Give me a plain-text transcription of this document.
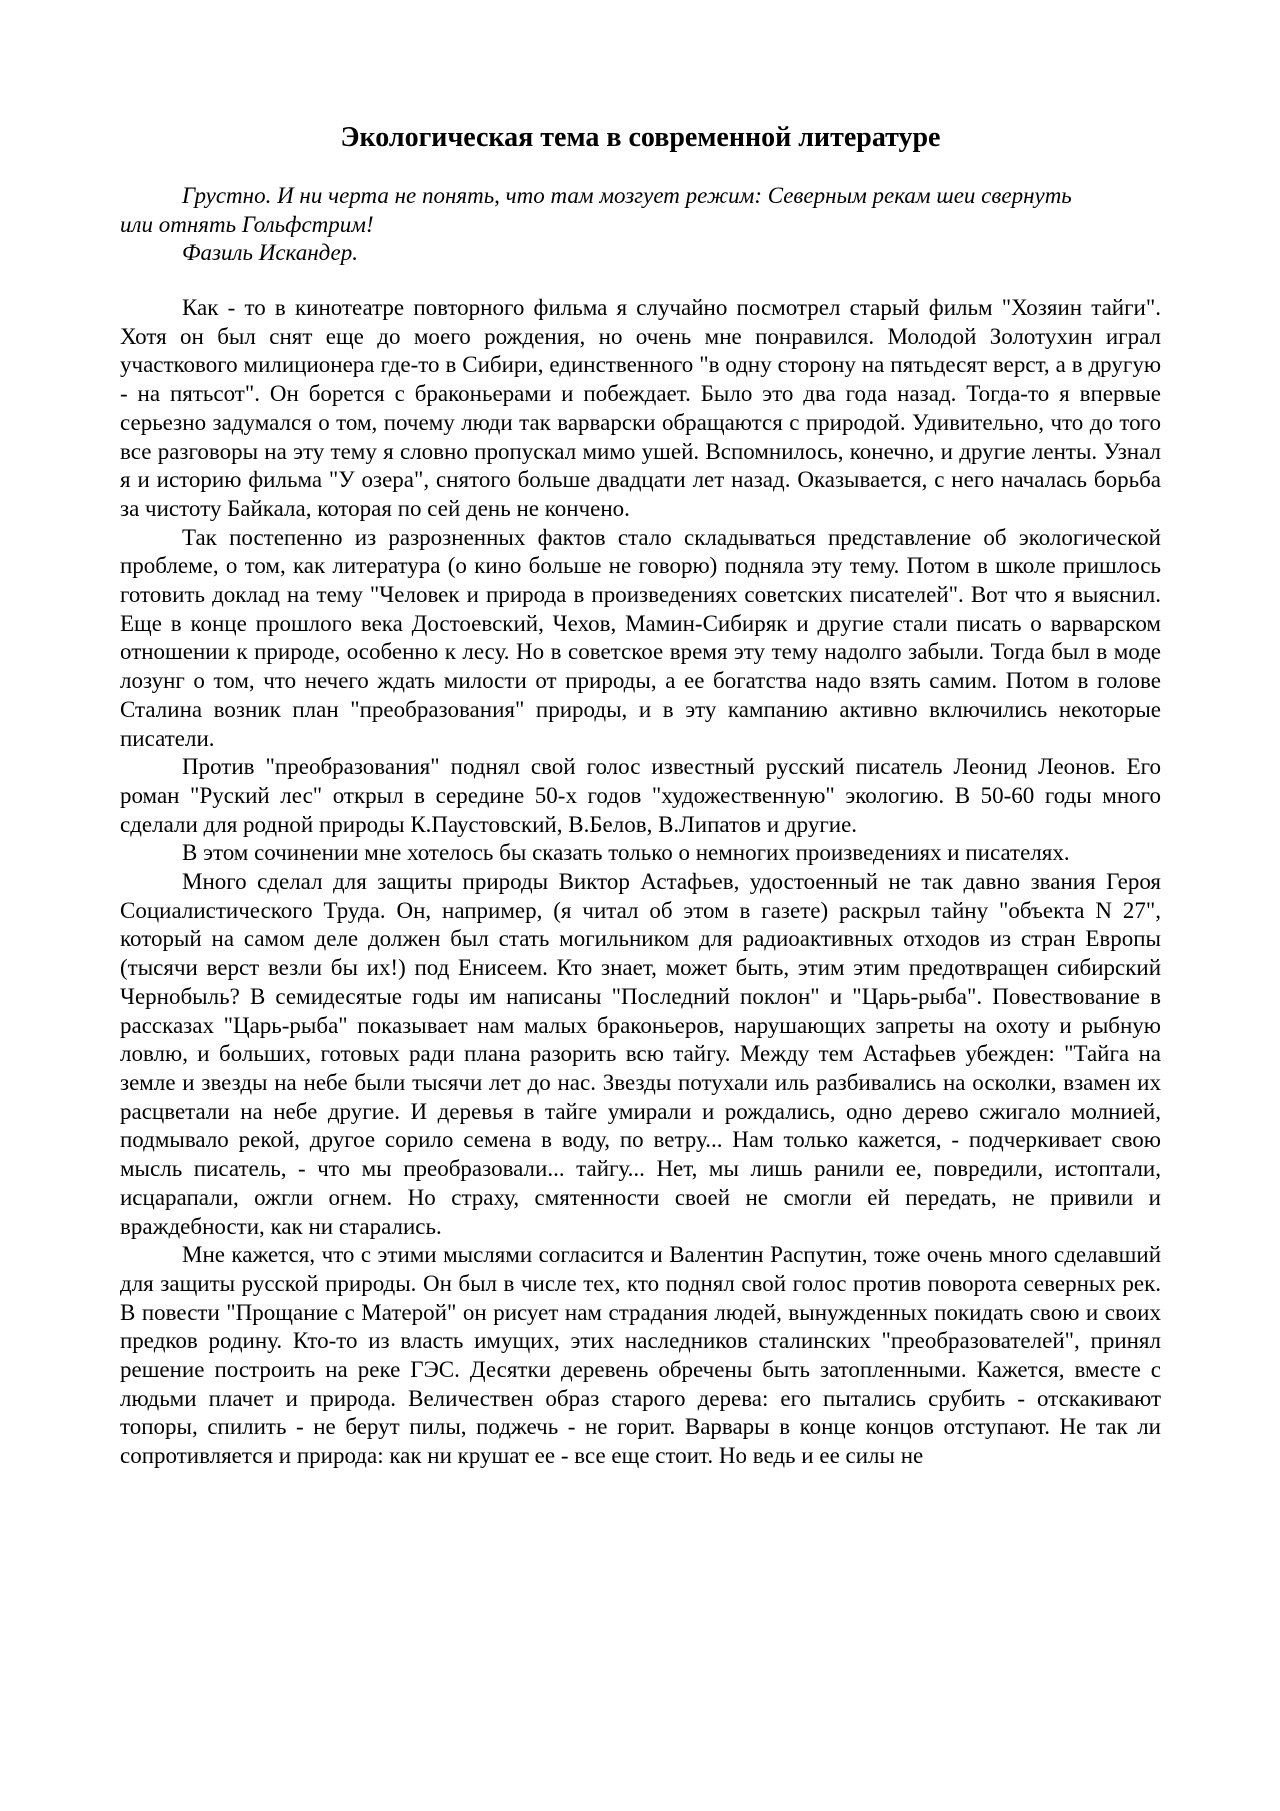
Экологическая тема в современной литературе

Грустно. И ни черта не понять, что там мозгует режим: Северным рекам шеи свернуть или отнять Гольфстрим!

Фазиль Искандер.

Как - то в кинотеатре повторного фильма я случайно посмотрел старый фильм "Хозяин тайги". Хотя он был снят еще до моего рождения, но очень мне понравился. Молодой Золотухин играл участкового милиционера где-то в Сибири, единственного "в одну сторону на пятьдесят верст, а в другую - на пятьсот". Он борется с браконьерами и побеждает. Было это два года назад. Тогда-то я впервые серьезно задумался о том, почему люди так варварски обращаются с природой. Удивительно, что до того все разговоры на эту тему я словно пропускал мимо ушей. Вспомнилось, конечно, и другие ленты. Узнал я и историю фильма "У озера", снятого больше двадцати лет назад. Оказывается, с него началась борьба за чистоту Байкала, которая по сей день не кончено.

Так постепенно из разрозненных фактов стало складываться представление об экологической проблеме, о том, как литература (о кино больше не говорю) подняла эту тему. Потом в школе пришлось готовить доклад на тему "Человек и природа в произведениях советских писателей". Вот что я выяснил. Еще в конце прошлого века Достоевский, Чехов, Мамин-Сибиряк и другие стали писать о варварском отношении к природе, особенно к лесу. Но в советское время эту тему надолго забыли. Тогда был в моде лозунг о том, что нечего ждать милости от природы, а ее богатства надо взять самим. Потом в голове Сталина возник план "преобразования" природы, и в эту кампанию активно включились некоторые писатели.

Против "преобразования" поднял свой голос известный русский писатель Леонид Леонов. Его роман "Руский лес" открыл в середине 50-х годов "художественную" экологию. В 50-60 годы много сделали для родной природы К.Паустовский, В.Белов, В.Липатов и другие.

В этом сочинении мне хотелось бы сказать только о немногих произведениях и писателях.

Много сделал для защиты природы Виктор Астафьев, удостоенный не так давно звания Героя Социалистического Труда. Он, например, (я читал об этом в газете) раскрыл тайну "объекта N 27", который на самом деле должен был стать могильником для радиоактивных отходов из стран Европы (тысячи верст везли бы их!) под Енисеем. Кто знает, может быть, этим этим предотвращен сибирский Чернобыль? В семидесятые годы им написаны "Последний поклон" и "Царь-рыба". Повествование в рассказах "Царь-рыба" показывает нам малых браконьеров, нарушающих запреты на охоту и рыбную ловлю, и больших, готовых ради плана разорить всю тайгу. Между тем Астафьев убежден: "Тайга на земле и звезды на небе были тысячи лет до нас. Звезды потухали иль разбивались на осколки, взамен их расцветали на небе другие. И деревья в тайге умирали и рождались, одно дерево сжигало молнией, подмывало рекой, другое сорило семена в воду, по ветру... Нам только кажется, - подчеркивает свою мысль писатель, - что мы преобразовали... тайгу... Нет, мы лишь ранили ее, повредили, истоптали, исцарапали, ожгли огнем. Но страху, смятенности своей не смогли ей передать, не привили и враждебности, как ни старались.

Мне кажется, что с этими мыслями согласится и Валентин Распутин, тоже очень много сделавший для защиты русской природы. Он был в числе тех, кто поднял свой голос против поворота северных рек. В повести "Прощание с Матерой" он рисует нам страдания людей, вынужденных покидать свою и своих предков родину. Кто-то из власть имущих, этих наследников сталинских "преобразователей", принял решение построить на реке ГЭС. Десятки деревень обречены быть затопленными. Кажется, вместе с людьми плачет и природа. Величествен образ старого дерева: его пытались срубить - отскакивают топоры, спилить - не берут пилы, поджечь - не горит. Варвары в конце концов отступают. Не так ли сопротивляется и природа: как ни крушат ее - все еще стоит. Но ведь и ее силы не
